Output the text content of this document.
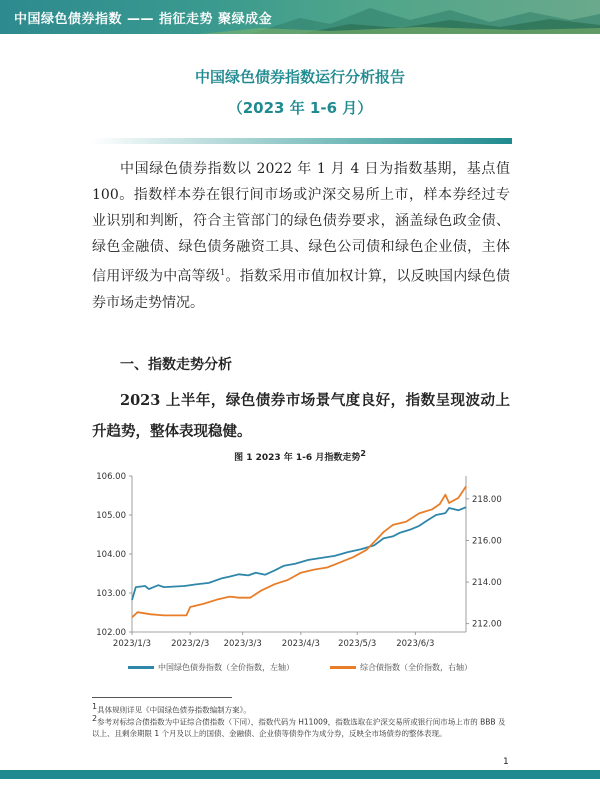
中国绿色债券指数 —— 指征走势 聚绿成金
中国绿色债券指数运行分析报告
（2023 年 1-6 月）
中国绿色债券指数以 2022 年 1 月 4 日为指数基期，基点值 100。指数样本券在银行间市场或沪深交易所上市，样本券经过专业识别和判断，符合主管部门的绿色债券要求，涵盖绿色政金债、绿色金融债、绿色债务融资工具、绿色公司债和绿色企业债，主体信用评级为中高等级$^1$。指数采用市值加权计算，以反映国内绿色债券市场走势情况。
一、指数走势分析
2023 上半年，绿色债券市场景气度良好，指数呈现波动上升趋势，整体表现稳健。
图 1 2023 年 1-6 月指数走势2
102.00
103.00
104.00
105.00
106.00
212.00
214.00
216.00
218.00
2023/1/3 2023/2/3 2023/3/3 2023/4/3 2023/5/3 2023/6/3
中国绿色债券指数（全价指数，左轴）	综合债指数（全价指数，右轴）
1具体规则详见《中国绿色债券指数编制方案》。
2参考对标综合债指数为中证综合债指数（下同），指数代码为 H11009，指数选取在沪深交易所或银行间市场上市的 BBB 及以上、且剩余期限 1 个月及以上的国债、金融债、企业债等债券作为成分券，反映全市场债券的整体表现。
1
